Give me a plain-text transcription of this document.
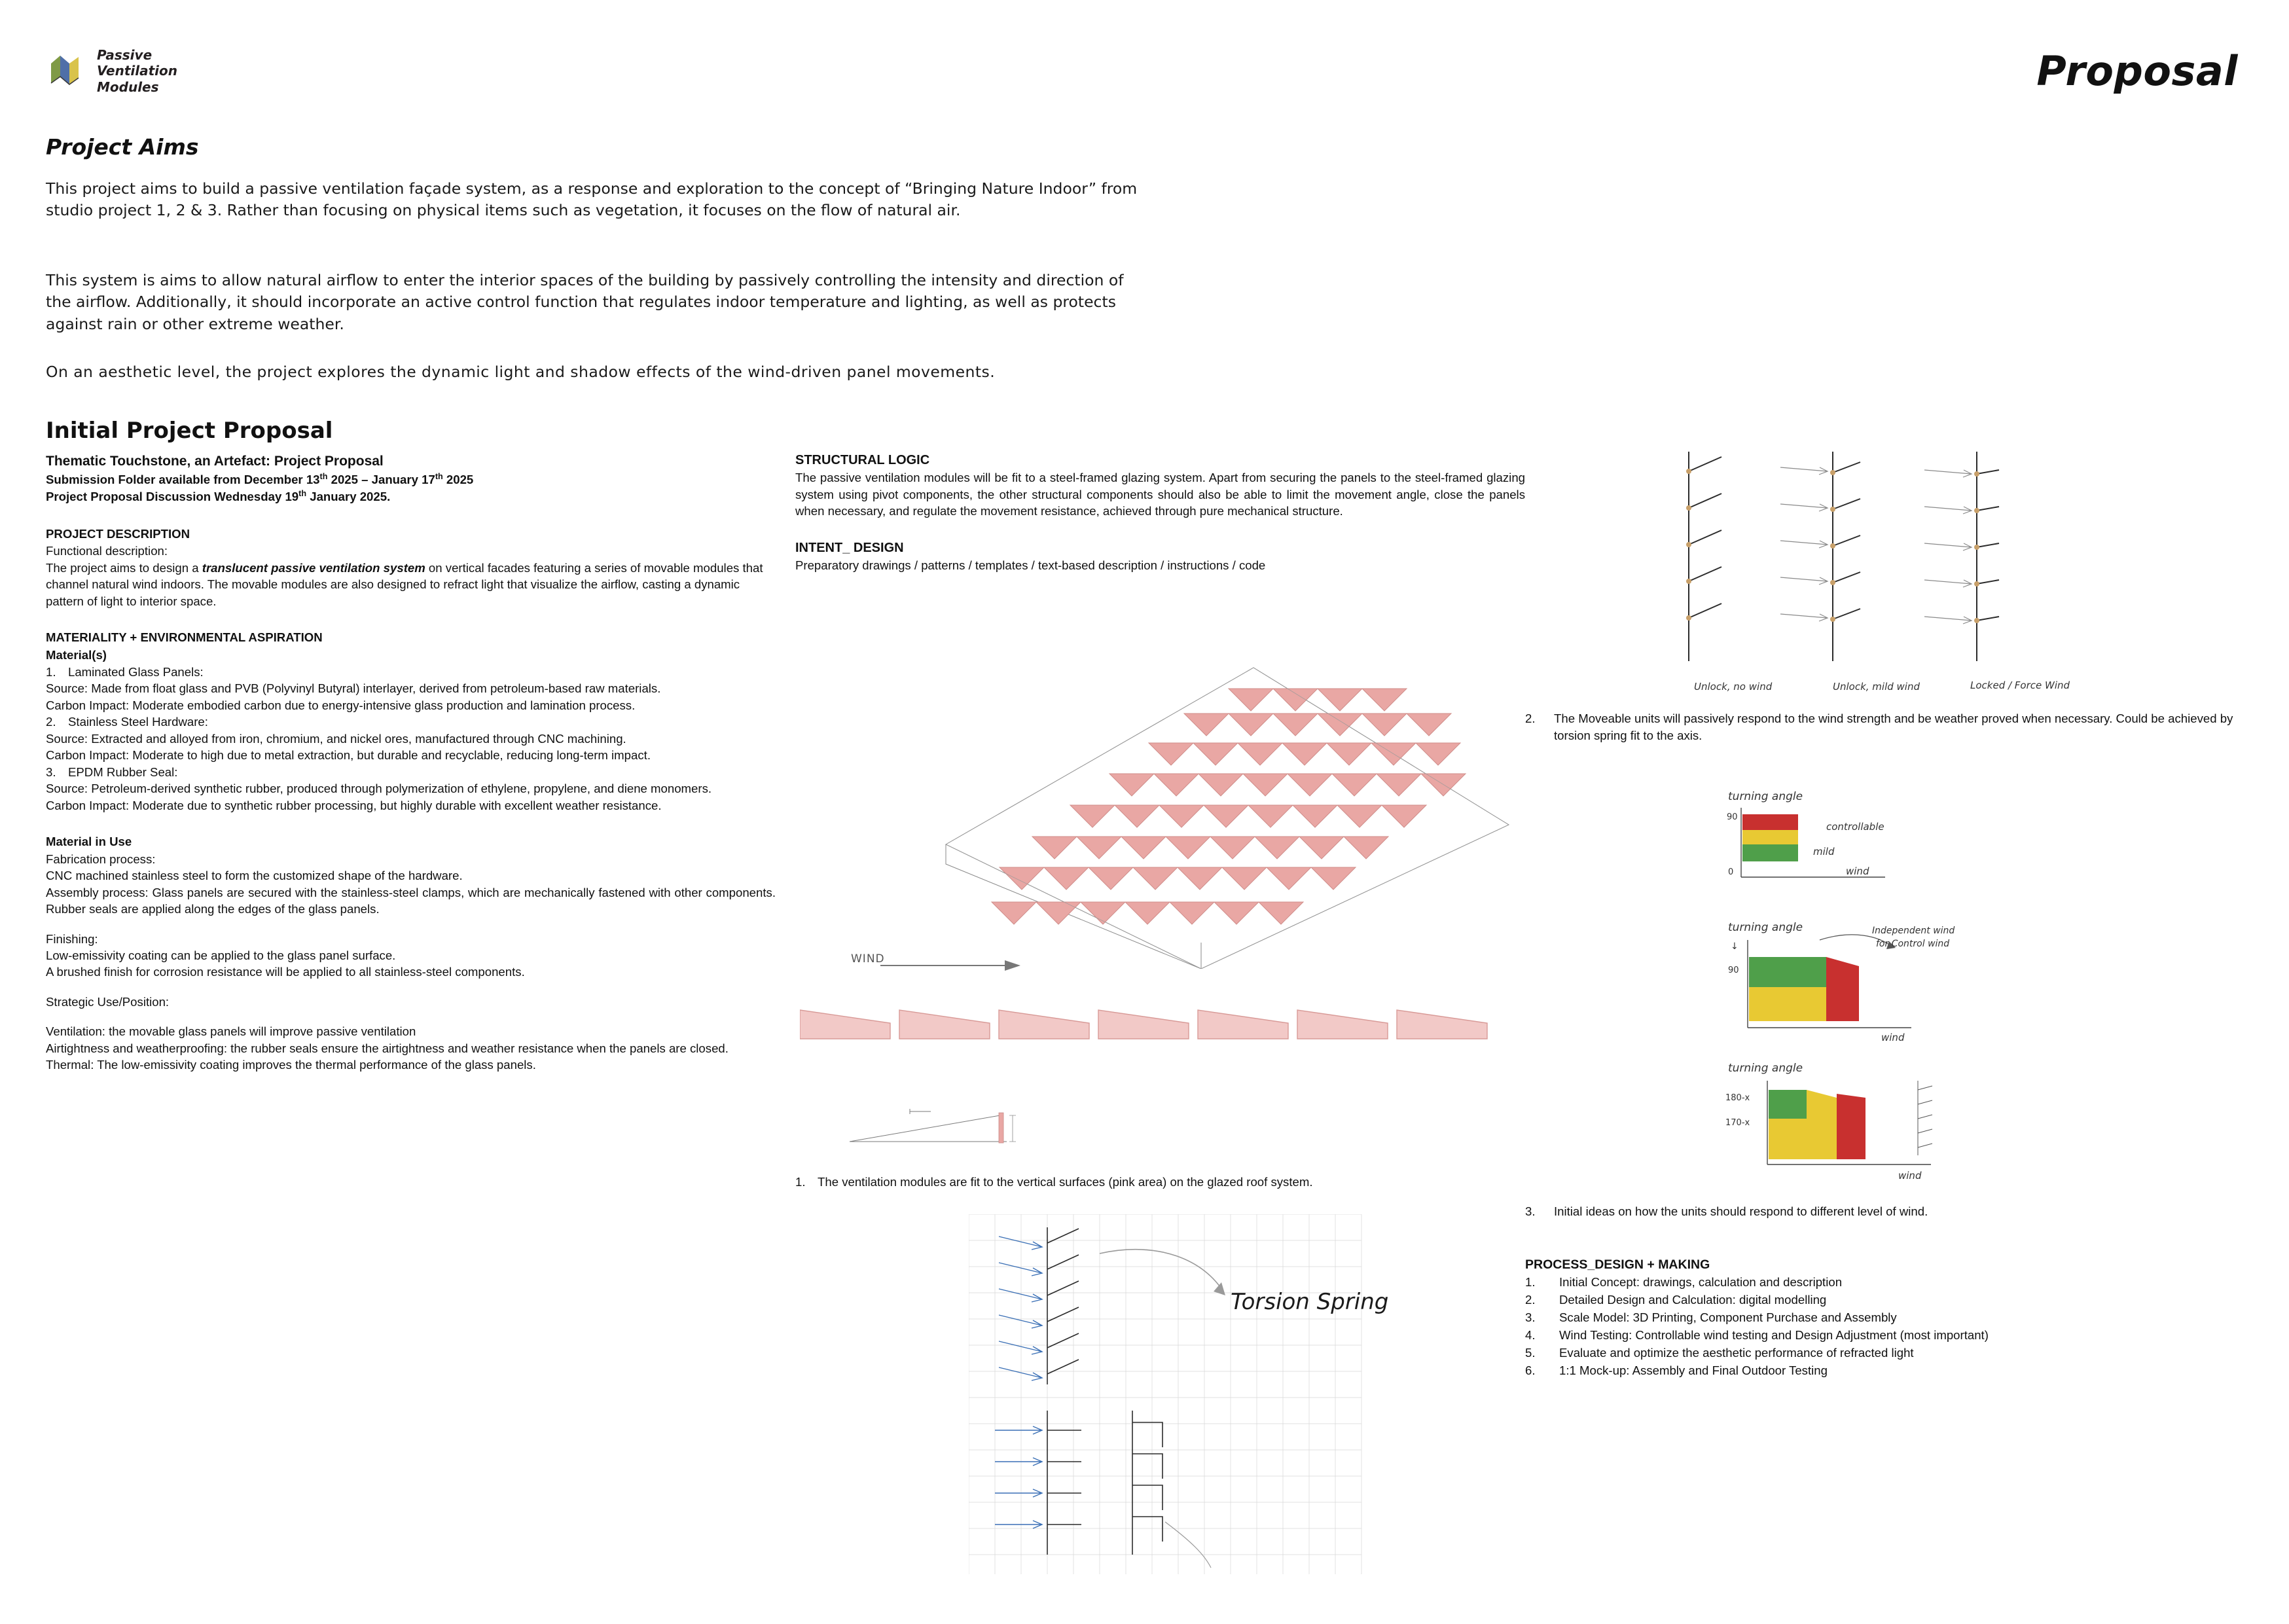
Passive
Ventilation
Modules	Proposal
Project Aims
This project aims to build a passive ventilation façade system, as a response and exploration to the concept of “Bringing Nature Indoor” from studio project 1, 2 & 3. Rather than focusing on physical items such as vegetation, it focuses on the flow of natural air.
This system is aims to allow natural airflow to enter the interior spaces of the building by passively controlling the intensity and direction of the airflow. Additionally, it should incorporate an active control function that regulates indoor temperature and lighting, as well as protects against rain or other extreme weather.
On an aesthetic level, the project explores the dynamic light and shadow effects of the wind-driven panel movements.
Initial Project Proposal
Thematic Touchstone, an Artefact: Project Proposal
Submission Folder available from December 13th 2025 – January 17th 2025
Project Proposal Discussion Wednesday 19th January 2025.
PROJECT DESCRIPTION
Functional description:
The project aims to design a translucent passive ventilation system on vertical facades featuring a series of movable modules that channel natural wind indoors. The movable modules are also designed to refract light that visualize the airflow, casting a dynamic pattern of light to interior space.
MATERIALITY + ENVIRONMENTAL ASPIRATION
Material(s)
1. Laminated Glass Panels:
Source: Made from float glass and PVB (Polyvinyl Butyral) interlayer, derived from petroleum-based raw materials.
Carbon Impact: Moderate embodied carbon due to energy-intensive glass production and lamination process.
2. Stainless Steel Hardware:
Source: Extracted and alloyed from iron, chromium, and nickel ores, manufactured through CNC machining.
Carbon Impact: Moderate to high due to metal extraction, but durable and recyclable, reducing long-term impact.
3. EPDM Rubber Seal:
Source: Petroleum-derived synthetic rubber, produced through polymerization of ethylene, propylene, and diene monomers.
Carbon Impact: Moderate due to synthetic rubber processing, but highly durable with excellent weather resistance.
Material in Use
Fabrication process:
CNC machined stainless steel to form the customized shape of the hardware.
Assembly process: Glass panels are secured with the stainless-steel clamps, which are mechanically fastened with other components. Rubber seals are applied along the edges of the glass panels.
Finishing:
Low-emissivity coating can be applied to the glass panel surface.
A brushed finish for corrosion resistance will be applied to all stainless-steel components.
Strategic Use/Position:
Ventilation: the movable glass panels will improve passive ventilation
Airtightness and weatherproofing: the rubber seals ensure the airtightness and weather resistance when the panels are closed.
Thermal: The low-emissivity coating improves the thermal performance of the glass panels.
STRUCTURAL LOGIC
The passive ventilation modules will be fit to a steel-framed glazing system. Apart from securing the panels to the steel-framed glazing system using pivot components, the other structural components should also be able to limit the movement angle, close the panels when necessary, and regulate the movement resistance, achieved through pure mechanical structure.
INTENT_ DESIGN
Preparatory drawings / patterns / templates / text-based description / instructions / code
WIND
1. The ventilation modules are fit to the vertical surfaces (pink area) on the glazed roof system.
Torsion Spring
Unlock, no wind	Unlock, mild wind	Locked / Force Wind
2.	The Moveable units will passively respond to the wind strength and be weather proved when necessary. Could be achieved by torsion spring fit to the axis.
turning angle
90
0
controllable
mild
wind
turning angle
↓
90
Independent wind
for Control wind
wind
turning angle
180-x
170-x
wind
3.	Initial ideas on how the units should respond to different level of wind.
PROCESS_DESIGN + MAKING
1.	Initial Concept: drawings, calculation and description
2.	Detailed Design and Calculation: digital modelling
3.	Scale Model: 3D Printing, Component Purchase and Assembly
4.	Wind Testing: Controllable wind testing and Design Adjustment (most important)
5.	Evaluate and optimize the aesthetic performance of refracted light
6.	1:1 Mock-up: Assembly and Final Outdoor Testing
